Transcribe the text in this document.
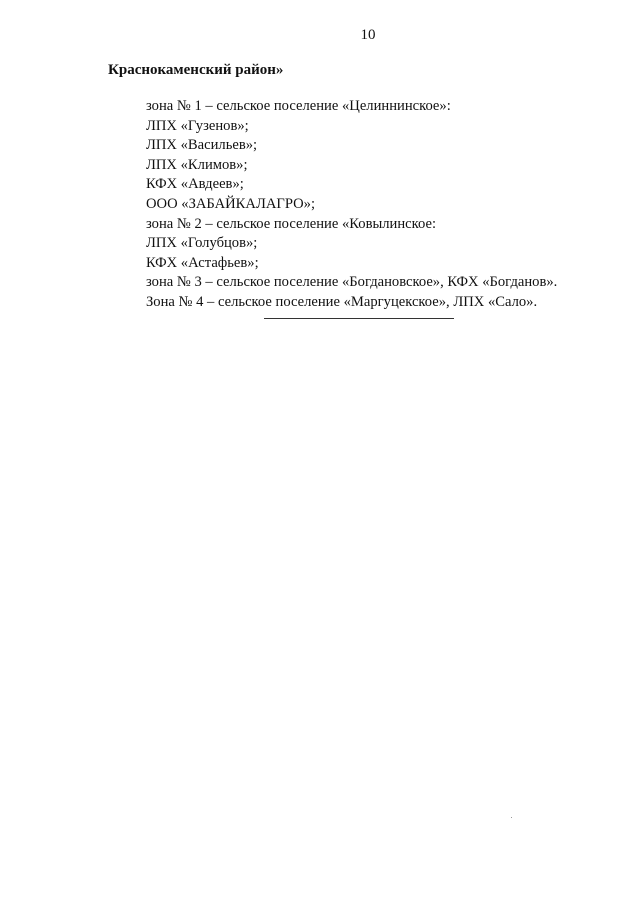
10
Краснокаменский район»
зона № 1 – сельское поселение «Целиннинское»:
ЛПХ «Гузенов»;
ЛПХ «Васильев»;
ЛПХ «Климов»;
КФХ «Авдеев»;
ООО «ЗАБАЙКАЛАГРО»;
зона № 2 – сельское поселение «Ковылинское:
ЛПХ «Голубцов»;
КФХ «Астафьев»;
зона № 3 – сельское поселение «Богдановское», КФХ «Богданов».
Зона № 4 – сельское поселение «Маргуцекское», ЛПХ «Сало».
